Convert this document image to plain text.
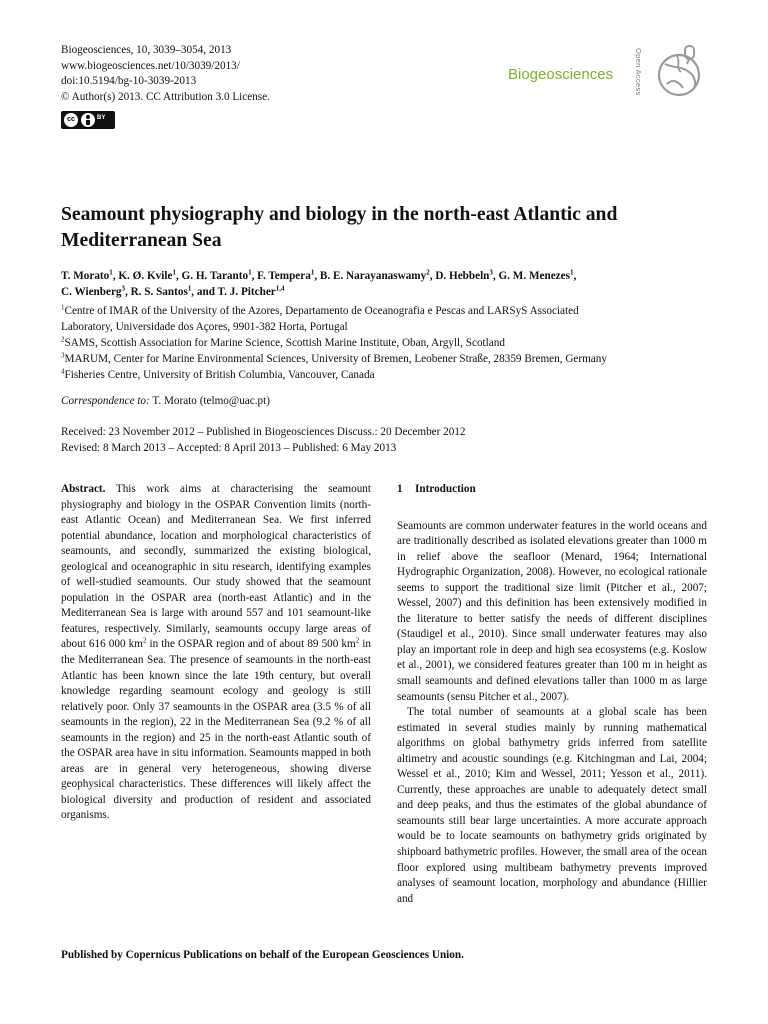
Biogeosciences, 10, 3039–3054, 2013
www.biogeosciences.net/10/3039/2013/
doi:10.5194/bg-10-3039-2013
© Author(s) 2013. CC Attribution 3.0 License.
cc	BY
Biogeosciences	Open Access
Seamount physiography and biology in the north-east Atlantic and Mediterranean Sea
T. Morato$^1$, K. Ø. Kvile$^1$, G. H. Taranto$^1$, F. Tempera$^1$, B. E. Narayanaswamy$^2$, D. Hebbeln$^3$, G. M. Menezes$^1$,
C. Wienberg$^3$, R. S. Santos$^1$, and T. J. Pitcher$^{1,4}$
$^1$Centre of IMAR of the University of the Azores, Departamento de Oceanografia e Pescas and LARSyS Associated
Laboratory, Universidade dos Açores, 9901-382 Horta, Portugal
$^2$SAMS, Scottish Association for Marine Science, Scottish Marine Institute, Oban, Argyll, Scotland
$^3$MARUM, Center for Marine Environmental Sciences, University of Bremen, Leobener Straße, 28359 Bremen, Germany
$^4$Fisheries Centre, University of British Columbia, Vancouver, Canada
Correspondence to: T. Morato (telmo@uac.pt)
Received: 23 November 2012 – Published in Biogeosciences Discuss.: 20 December 2012
Revised: 8 March 2013 – Accepted: 8 April 2013 – Published: 6 May 2013
Abstract. This work aims at characterising the seamount physiography and biology in the OSPAR Convention limits (north-east Atlantic Ocean) and Mediterranean Sea. We first inferred potential abundance, location and morphological characteristics of seamounts, and secondly, summarized the existing biological, geological and oceanographic in situ research, identifying examples of well-studied seamounts. Our study showed that the seamount population in the OSPAR area (north-east Atlantic) and in the Mediterranean Sea is large with around 557 and 101 seamount-like features, respectively. Similarly, seamounts occupy large areas of about 616 000 $km^2$ in the OSPAR region and of about 89 500 $km^2$ in the Mediterranean Sea. The presence of seamounts in the north-east Atlantic has been known since the late 19th century, but overall knowledge regarding seamount ecology and geology is still relatively poor. Only 37 seamounts in the OSPAR area (3.5 % of all seamounts in the region), 22 in the Mediterranean Sea (9.2 % of all seamounts in the region) and 25 in the north-east Atlantic south of the OSPAR area have in situ information. Seamounts mapped in both areas are in general very heterogeneous, showing diverse geophysical characteristics. These differences will likely affect the biological diversity and production of resident and associated organisms.
1 Introduction
Seamounts are common underwater features in the world oceans and are traditionally described as isolated elevations greater than 1000 m in relief above the seafloor (Menard, 1964; International Hydrographic Organization, 2008). However, no ecological rationale seems to support the traditional size limit (Pitcher et al., 2007; Wessel, 2007) and this definition has been extensively modified in the literature to better satisfy the needs of different disciplines (Staudigel et al., 2010). Since small underwater features may also play an important role in deep and high sea ecosystems (e.g. Koslow et al., 2001), we considered features greater than 100 m in height as small seamounts and defined elevations taller than 1000 m as large seamounts (sensu Pitcher et al., 2007).
The total number of seamounts at a global scale has been estimated in several studies mainly by running mathematical algorithms on global bathymetry grids inferred from satellite altimetry and acoustic soundings (e.g. Kitchingman and Lai, 2004; Wessel et al., 2010; Kim and Wessel, 2011; Yesson et al., 2011). Currently, these approaches are unable to adequately detect small and deep peaks, and thus the estimates of the global abundance of seamounts still bear large uncertainties. A more accurate approach would be to locate seamounts on bathymetry grids originated by shipboard bathymetric profiles. However, the small area of the ocean floor explored using multibeam bathymetry prevents improved analyses of seamount location, morphology and abundance (Hillier and
Published by Copernicus Publications on behalf of the European Geosciences Union.
